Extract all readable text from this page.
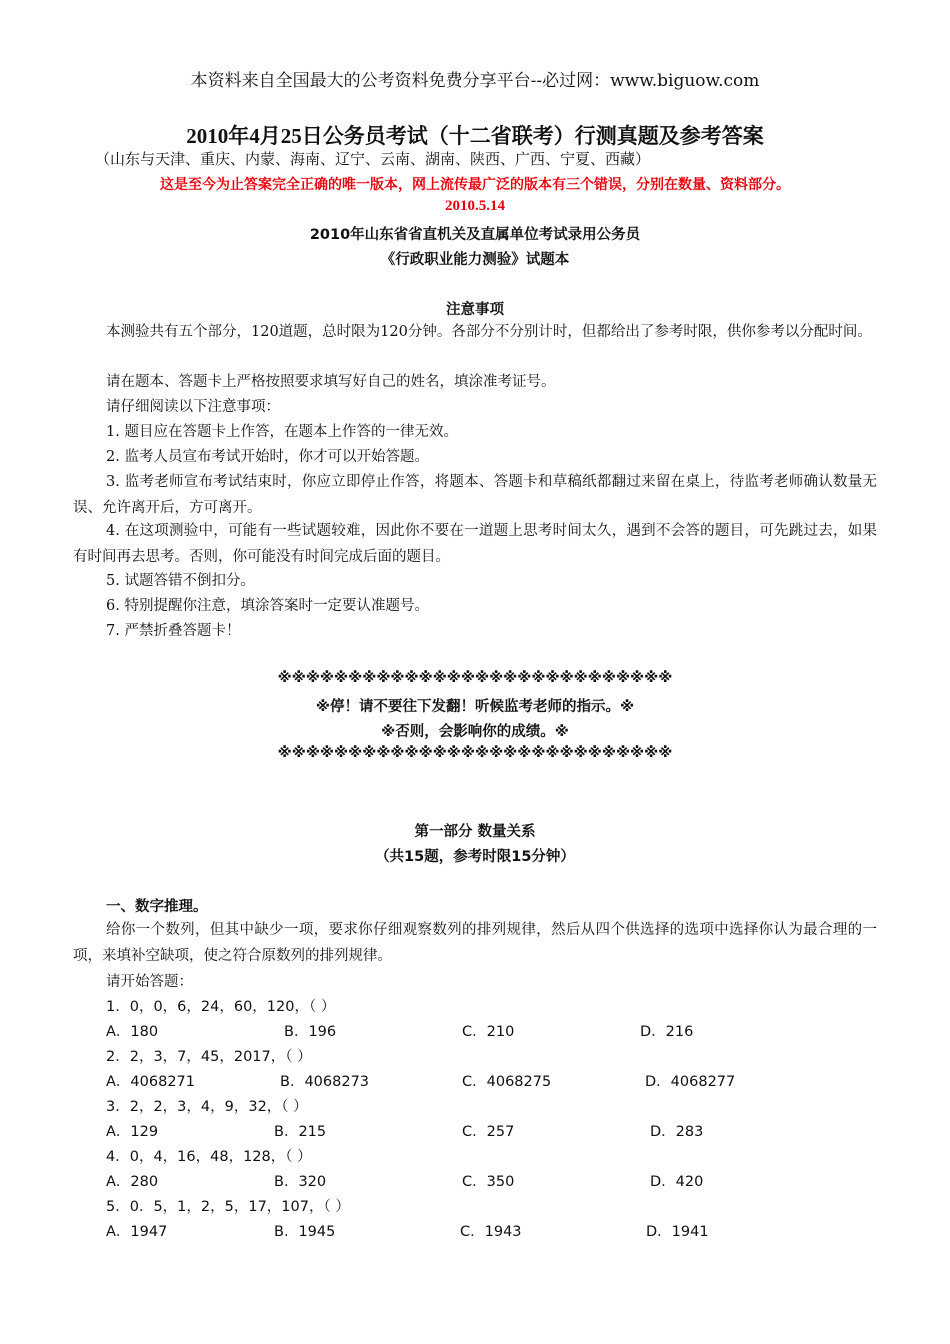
本资料来自全国最大的公考资料免费分享平台--必过网：www.biguow.com
2010年4月25日公务员考试（十二省联考）行测真题及参考答案
（山东与天津、重庆、内蒙、海南、辽宁、云南、湖南、陕西、广西、宁夏、西藏）
这是至今为止答案完全正确的唯一版本，网上流传最广泛的版本有三个错误，分别在数量、资料部分。
2010.5.14
2010年山东省省直机关及直属单位考试录用公务员
《行政职业能力测验》试题本
注意事项
本测验共有五个部分，120道题，总时限为120分钟。各部分不分别计时，但都给出了参考时限，供你参考以分配时间。
请在题本、答题卡上严格按照要求填写好自己的姓名，填涂准考证号。
请仔细阅读以下注意事项：
1. 题目应在答题卡上作答，在题本上作答的一律无效。
2. 监考人员宣布考试开始时，你才可以开始答题。
3. 监考老师宣布考试结束时，你应立即停止作答，将题本、答题卡和草稿纸都翻过来留在桌上，待监考老师确认数量无误、允许离开后，方可离开。
4. 在这项测验中，可能有一些试题较难，因此你不要在一道题上思考时间太久，遇到不会答的题目，可先跳过去，如果有时间再去思考。否则，你可能没有时间完成后面的题目。
5. 试题答错不倒扣分。
6. 特别提醒你注意，填涂答案时一定要认准题号。
7. 严禁折叠答题卡！
※※※※※※※※※※※※※※※※※※※※※※※※※※※※
※停！请不要往下发翻！听候监考老师的指示。※
※否则，会影响你的成绩。※
※※※※※※※※※※※※※※※※※※※※※※※※※※※※
第一部分 数量关系
（共15题，参考时限15分钟）
一、数字推理。
给你一个数列，但其中缺少一项，要求你仔细观察数列的排列规律，然后从四个供选择的选项中选择你认为最合理的一项，来填补空缺项，使之符合原数列的排列规律。
请开始答题：
1．0，0，6，24，60，120，（ ）
A．180	B．196	C．210	D．216
2．2，3，7，45，2017，（ ）
A．4068271	B．4068273	C．4068275	D．4068277
3．2，2，3，4，9，32，（ ）
A．129	B．215	C．257	D．283
4．0，4，16，48，128，（ ）
A．280	B．320	C．350	D．420
5．0．5，1，2，5，17，107，（ ）
A．1947	B．1945	C．1943	D．1941
